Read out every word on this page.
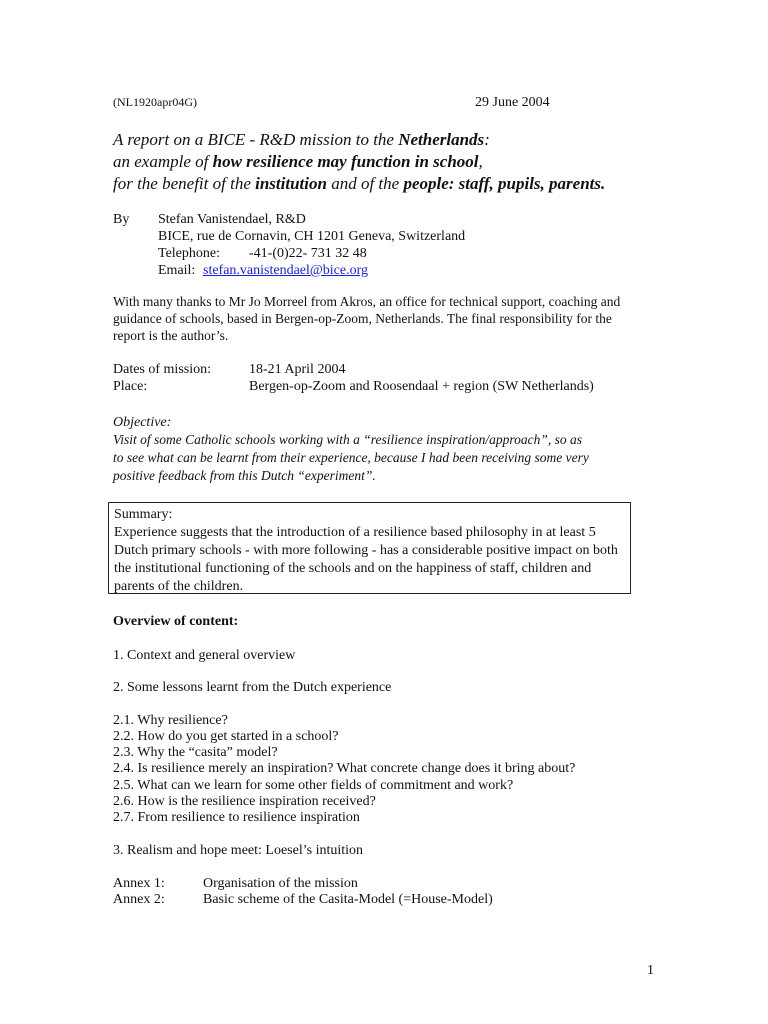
(NL1920apr04G)	29 June 2004
A report on a BICE - R&D mission to the Netherlands:
an example of how resilience may function in school,
for the benefit of the institution and of the people: staff, pupils, parents.
By Stefan Vanistendael, R&D
BICE, rue de Cornavin, CH 1201 Geneva, Switzerland
Telephone: -41-(0)22- 731 32 48
Email: stefan.vanistendael@bice.org
With many thanks to Mr Jo Morreel from Akros, an office for technical support, coaching and
guidance of schools, based in Bergen-op-Zoom, Netherlands. The final responsibility for the
report is the author’s.
Dates of mission:	18-21 April 2004
Place:	Bergen-op-Zoom and Roosendaal + region (SW Netherlands)
Objective:
Visit of some Catholic schools working with a “resilience inspiration/approach”, so as
to see what can be learnt from their experience, because I had been receiving some very
positive feedback from this Dutch “experiment”.
Summary:
Experience suggests that the introduction of a resilience based philosophy in at least 5
Dutch primary schools - with more following - has a considerable positive impact on both
the institutional functioning of the schools and on the happiness of staff, children and
parents of the children.
Overview of content:
1. Context and general overview
2. Some lessons learnt from the Dutch experience
2.1. Why resilience?
2.2. How do you get started in a school?
2.3. Why the “casita” model?
2.4. Is resilience merely an inspiration? What concrete change does it bring about?
2.5. What can we learn for some other fields of commitment and work?
2.6. How is the resilience inspiration received?
2.7. From resilience to resilience inspiration
3. Realism and hope meet: Loesel’s intuition
Annex 1:	Organisation of the mission
Annex 2:	Basic scheme of the Casita-Model (=House-Model)
1
